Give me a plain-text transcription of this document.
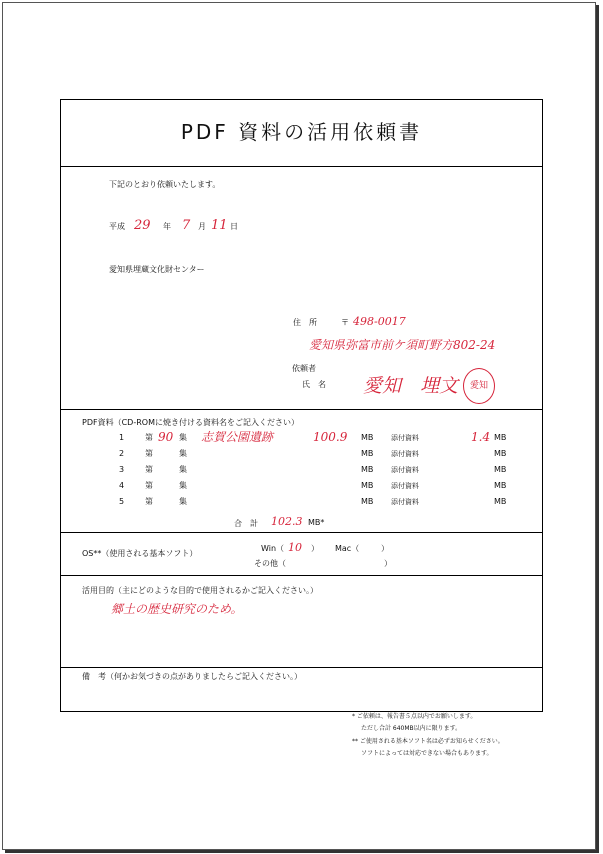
PDF 資料の活用依頼書
下記のとおり依頼いたします。
平成 29 年 7 月 11 日
愛知県埋蔵文化財センター
住　所	〒 498-0017
愛知県弥富市前ケ須町野方802-24
依頼者
氏　名 愛知　埋文
PDF資料（CD-ROMに焼き付ける資料名をご記入ください）
1	第 90 集 志賀公園遺跡	100.9 MB	添付資料	1.4 MB
2	第	集	MB	添付資料	MB
3	第	集	MB	添付資料	MB
4	第	集	MB	添付資料	MB
5	第	集	MB	添付資料	MB
合　計 102.3 MB*
OS**（使用される基本ソフト）
Win（ 10 ） Mac（	）
その他（	）
活用目的（主にどのような目的で使用されるかご記入ください。）
郷土の歴史研究のため。
備　考（何かお気づきの点がありましたらご記入ください。）
愛知
* ご依頼は、報告書５点以内でお願いします。
ただし合計 640MB以内に限ります。
** ご使用される基本ソフト名は必ずお知らせください。
ソフトによっては対応できない場合もあります。
